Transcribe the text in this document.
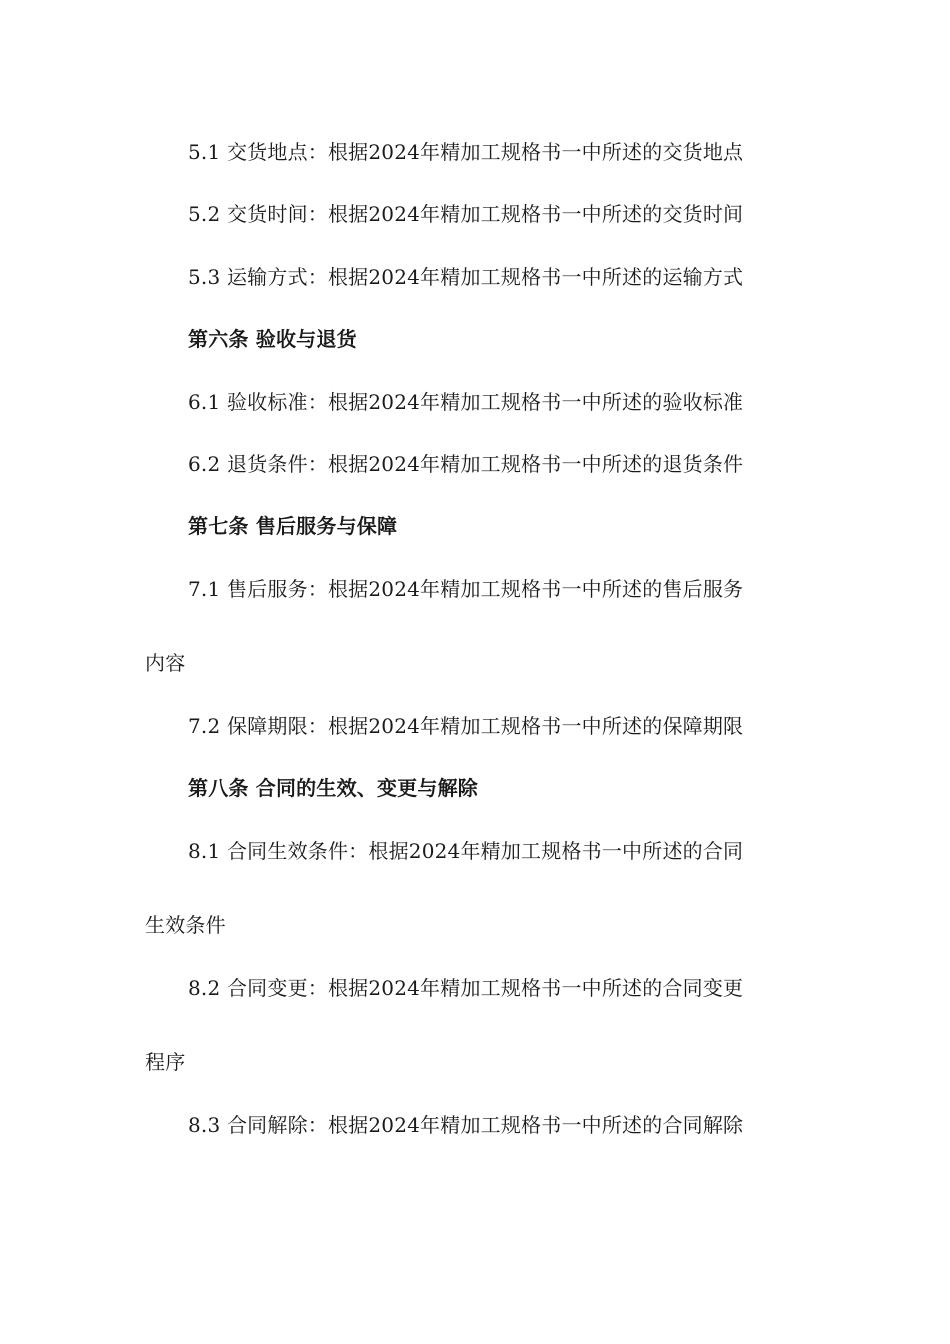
5.1 交货地点：根据2024年精加工规格书一中所述的交货地点
5.2 交货时间：根据2024年精加工规格书一中所述的交货时间
5.3 运输方式：根据2024年精加工规格书一中所述的运输方式
第六条 验收与退货
6.1 验收标准：根据2024年精加工规格书一中所述的验收标准
6.2 退货条件：根据2024年精加工规格书一中所述的退货条件
第七条 售后服务与保障
7.1 售后服务：根据2024年精加工规格书一中所述的售后服务
内容
7.2 保障期限：根据2024年精加工规格书一中所述的保障期限
第八条 合同的生效、变更与解除
8.1 合同生效条件：根据2024年精加工规格书一中所述的合同
生效条件
8.2 合同变更：根据2024年精加工规格书一中所述的合同变更
程序
8.3 合同解除：根据2024年精加工规格书一中所述的合同解除
